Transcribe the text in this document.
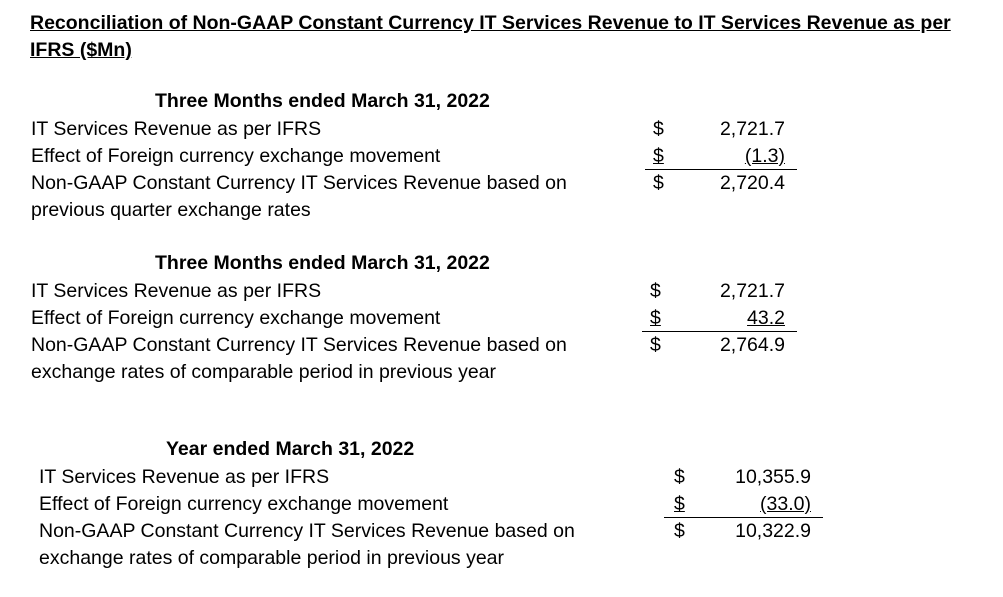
Reconciliation of Non-GAAP Constant Currency IT Services Revenue to IT Services Revenue as per IFRS ($Mn)
Three Months ended March 31, 2022
IT Services Revenue as per IFRS	$	2,721.7
Effect of Foreign currency exchange movement	$	(1.3)
Non-GAAP Constant Currency IT Services Revenue based on
previous quarter exchange rates
$	2,720.4
Three Months ended March 31, 2022
IT Services Revenue as per IFRS	$	2,721.7
Effect of Foreign currency exchange movement	$	43.2
Non-GAAP Constant Currency IT Services Revenue based on
exchange rates of comparable period in previous year
$	2,764.9
Year ended March 31, 2022
IT Services Revenue as per IFRS	$	10,355.9
Effect of Foreign currency exchange movement	$	(33.0)
Non-GAAP Constant Currency IT Services Revenue based on
exchange rates of comparable period in previous year
$	10,322.9
